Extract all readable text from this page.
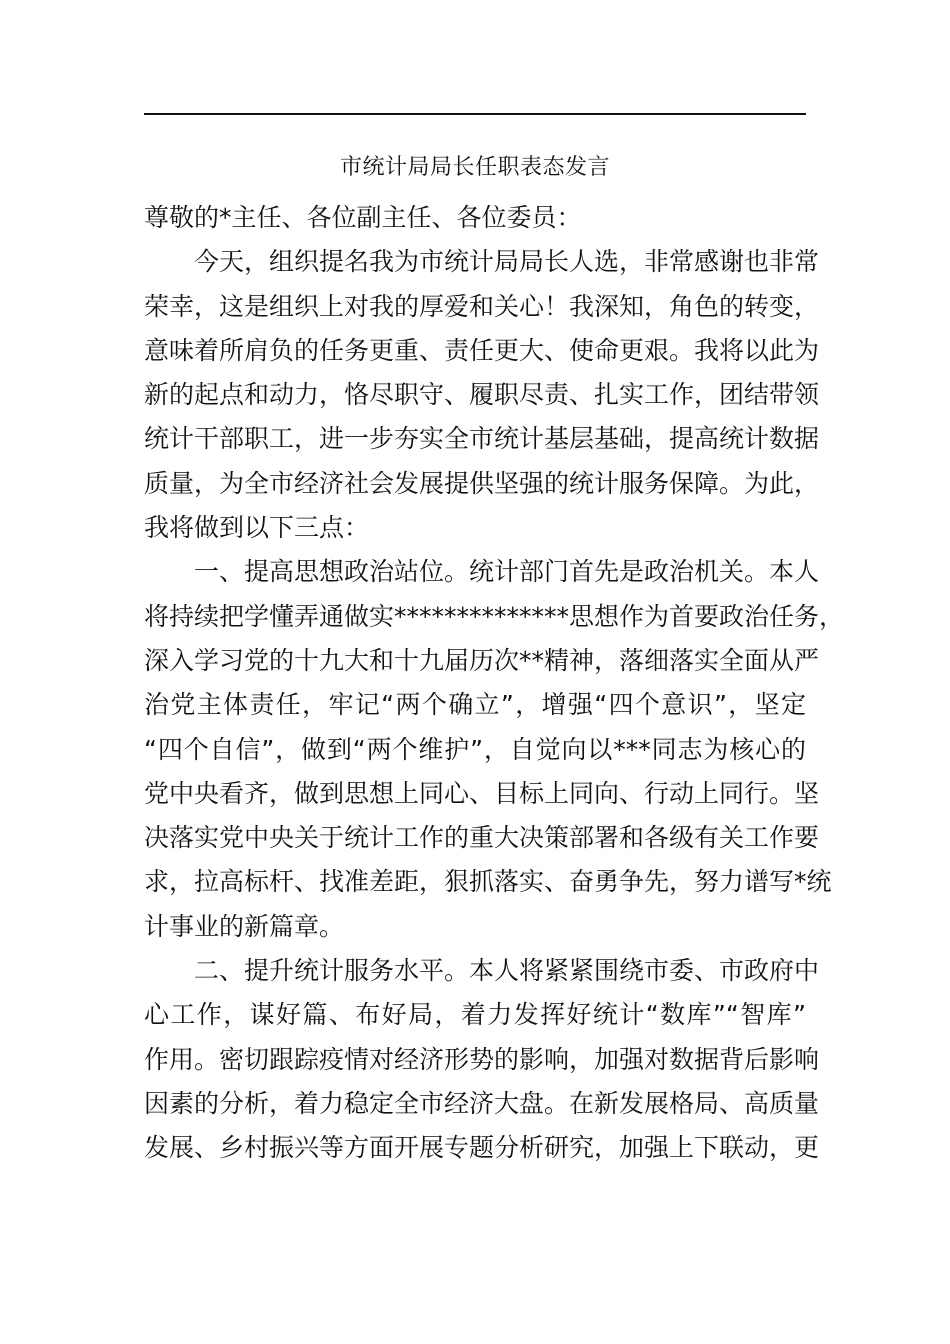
市统计局局长任职表态发言
尊敬的*主任、各位副主任、各位委员：
今天，组织提名我为市统计局局长人选，非常感谢也非常
荣幸，这是组织上对我的厚爱和关心！我深知，角色的转变，
意味着所肩负的任务更重、责任更大、使命更艰。我将以此为
新的起点和动力，恪尽职守、履职尽责、扎实工作，团结带领
统计干部职工，进一步夯实全市统计基层基础，提高统计数据
质量，为全市经济社会发展提供坚强的统计服务保障。为此，
我将做到以下三点：
一、提高思想政治站位。统计部门首先是政治机关。本人
将持续把学懂弄通做实**************思想作为首要政治任务，
深入学习党的十九大和十九届历次**精神，落细落实全面从严
治党主体责任，牢记“两个确立”，增强“四个意识”，坚定
“四个自信”，做到“两个维护”，自觉向以***同志为核心的
党中央看齐，做到思想上同心、目标上同向、行动上同行。坚
决落实党中央关于统计工作的重大决策部署和各级有关工作要
求，拉高标杆、找准差距，狠抓落实、奋勇争先，努力谱写*统
计事业的新篇章。
二、提升统计服务水平。本人将紧紧围绕市委、市政府中
心工作，谋好篇、布好局，着力发挥好统计“数库”“智库”
作用。密切跟踪疫情对经济形势的影响，加强对数据背后影响
因素的分析，着力稳定全市经济大盘。在新发展格局、高质量
发展、乡村振兴等方面开展专题分析研究，加强上下联动，更
